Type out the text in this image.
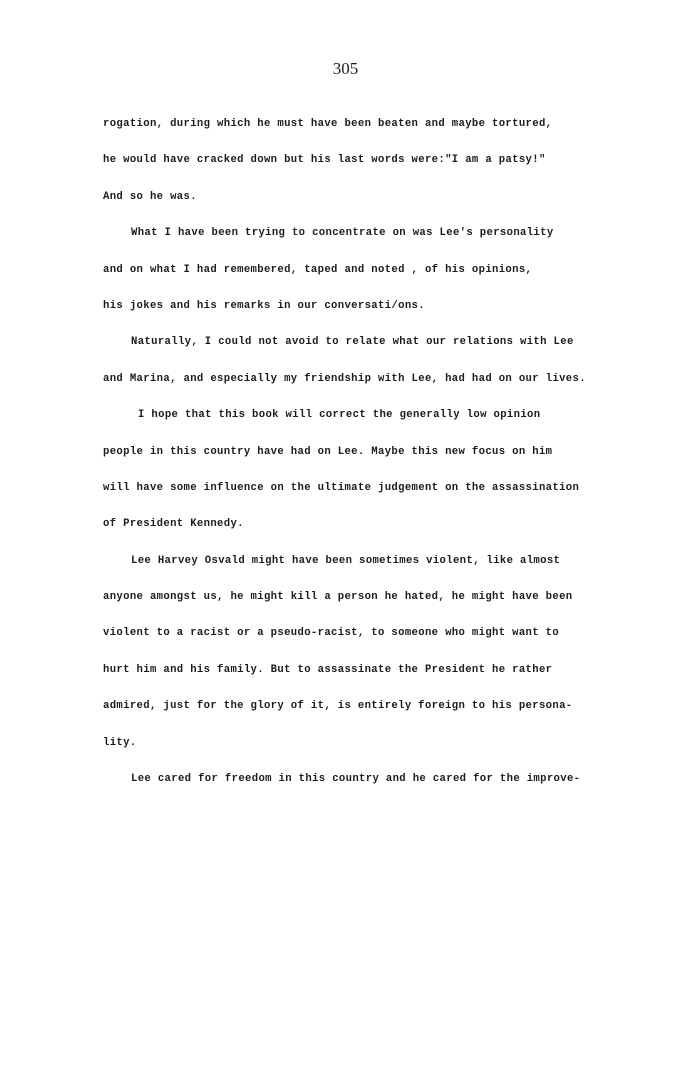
305
rogation, during which he must have been beaten and maybe tortured,
he would have cracked down but his last words were:"I am a patsy!"
And so he was.
What I have been trying to concentrate on was Lee's personality
and on what I had remembered, taped and noted , of his opinions,
his jokes and his remarks in our conversati/ons.
Naturally, I could not avoid to relate what our relations with Lee
and Marina, and especially my friendship with Lee, had had on our lives.
I hope that this book will correct the generally low opinion
people in this country have had on Lee. Maybe this new focus on him
will have some influence on the ultimate judgement on the assassination
of President Kennedy.
Lee Harvey Osvald might have been sometimes violent, like almost
anyone amongst us, he might kill a person he hated, he might have been
violent to a racist or a pseudo-racist, to someone who might want to
hurt him and his family. But to assassinate the President he rather
admired, just for the glory of it, is entirely foreign to his persona-
lity.
Lee cared for freedom in this country and he cared for the improve-
